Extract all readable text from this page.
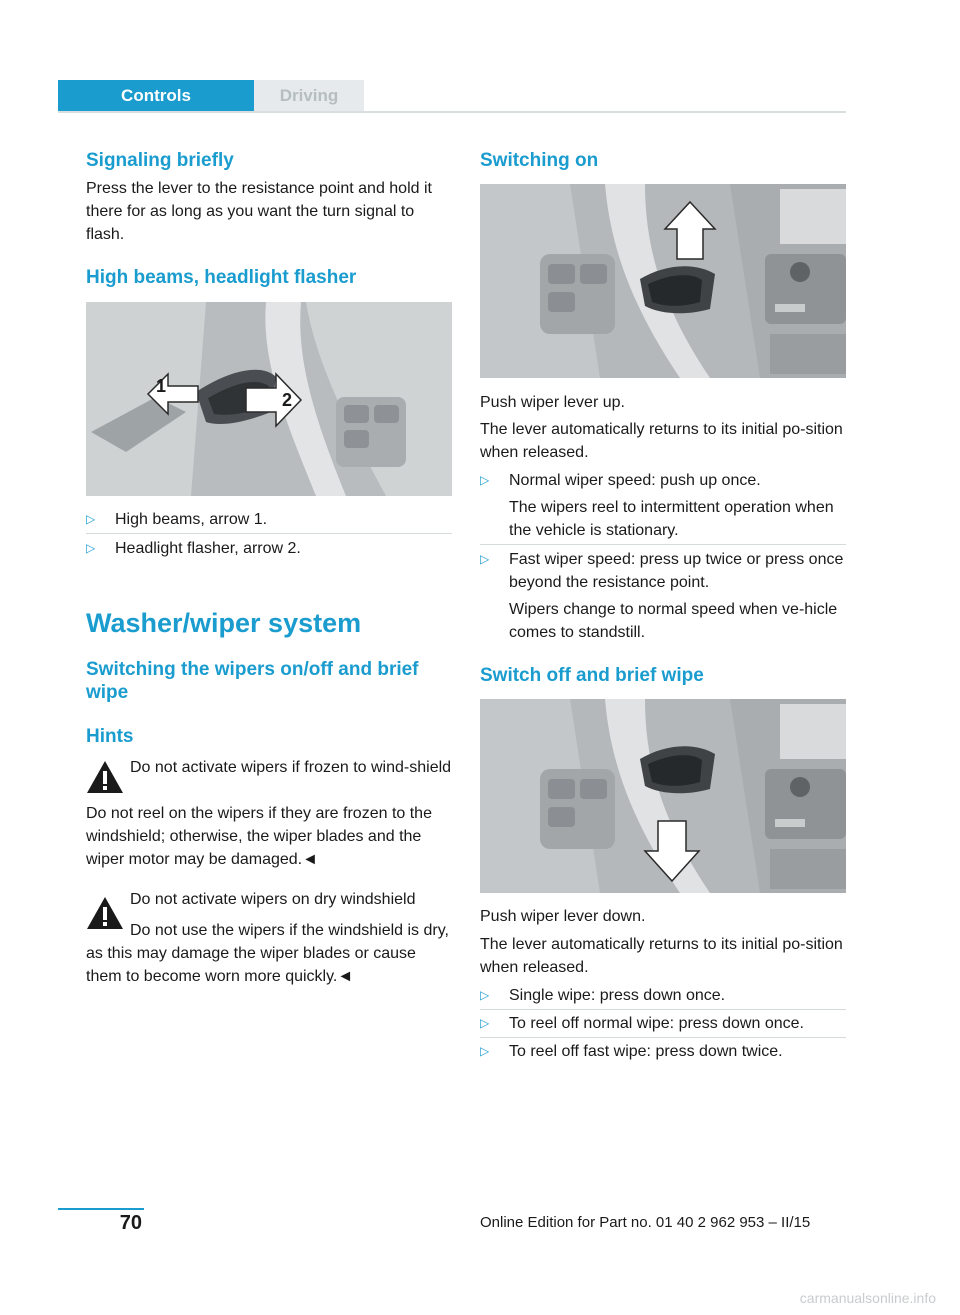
Controls	Driving
Signaling briefly

Press the lever to the resistance point and hold it there for as long as you want the turn signal to flash.

High beams, headlight flasher
1
2
▷ High beams, arrow 1.
▷ Headlight flasher, arrow 2.
Washer/wiper system
Switching the wipers on/off and brief wipe
Hints
Do not activate wipers if frozen to wind‐shield

Do not reel on the wipers if they are frozen to the windshield; otherwise, the wiper blades and the wiper motor may be damaged.◄

Do not activate wipers on dry windshield

Do not use the wipers if the windshield is dry, as this may damage the wiper blades or cause them to become worn more quickly.◄

Switching on

Push wiper lever up.

The lever automatically returns to its initial po‐sition when released.

▷ Normal wiper speed: push up once.
The wipers reel to intermittent operation when the vehicle is stationary.
▷ Fast wiper speed: press up twice or press once beyond the resistance point.
Wipers change to normal speed when ve‐hicle comes to standstill.
Switch off and brief wipe

Push wiper lever down.

The lever automatically returns to its initial po‐sition when released.

▷ Single wipe: press down once.
▷ To reel off normal wipe: press down once.
▷ To reel off fast wipe: press down twice.
70	Online Edition for Part no. 01 40 2 962 953 – II/15
carmanualsonline.info
